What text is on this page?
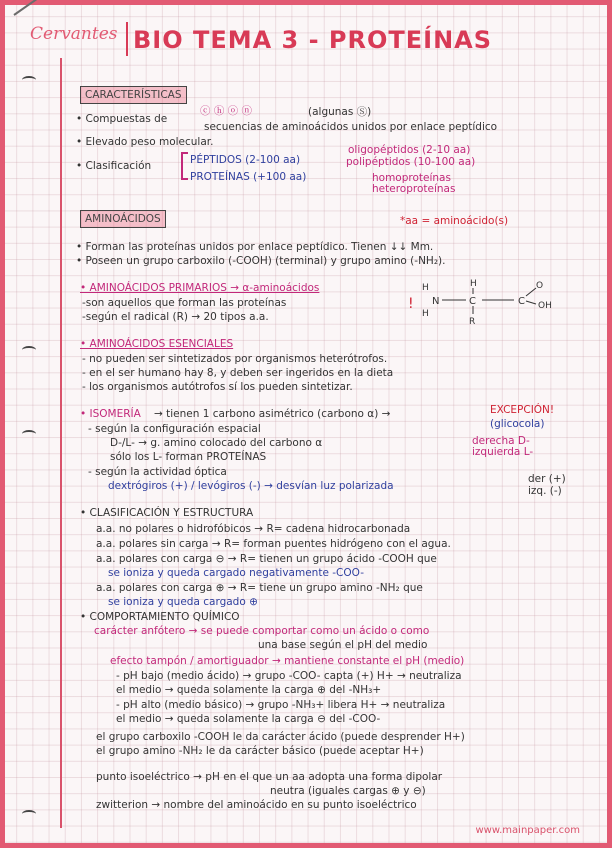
Cervantes BIO TEMA 3 - PROTEÍNAS
CARACTERÍSTICAS
• Compuestas de
ⓒ ⓗ ⓞ ⓝ	(algunas Ⓢ)
secuencias de aminoácidos unidos por enlace peptídico
• Elevado peso molecular.
• Clasificación	PÉPTIDOS (2-100 aa)
oligopéptidos (2-10 aa)
polipéptidos (10-100 aa)
PROTEÍNAS (+100 aa)	homoproteínas
heteroproteínas
AMINOÁCIDOS	*aa = aminoácido(s)
• Forman las proteínas unidos por enlace peptídico. Tienen ↓↓ Mm.
• Poseen un grupo carboxilo (-COOH) (terminal) y grupo amino (-NH₂).
• AMINOÁCIDOS PRIMARIOS → α-aminoácidos
-son aquellos que forman las proteínas
-según el radical (R) → 20 tipos a.a.
!
H
N
H
H
C
R
C
O
OH
• AMINOÁCIDOS ESENCIALES
- no pueden ser sintetizados por organismos heterótrofos.
- en el ser humano hay 8, y deben ser ingeridos en la dieta
- los organismos autótrofos sí los pueden sintetizar.
• ISOMERÍA → tienen 1 carbono asimétrico (carbono α) →	EXCEPCIÓN!
(glicocola)
- según la configuración espacial
D-/L- → g. amino colocado del carbono α	derecha D-
izquierda L-
sólo los L- forman PROTEÍNAS
- según la actividad óptica
dextrógiros (+) / levógiros (-) → desvían luz polarizada
der (+)
izq. (-)
• CLASIFICACIÓN Y ESTRUCTURA
a.a. no polares o hidrofóbicos → R= cadena hidrocarbonada
a.a. polares sin carga → R= forman puentes hidrógeno con el agua.
a.a. polares con carga ⊖ → R= tienen un grupo ácido -COOH que
se ioniza y queda cargado negativamente -COO-
a.a. polares con carga ⊕ → R= tiene un grupo amino -NH₂ que
se ioniza y queda cargado ⊕
• COMPORTAMIENTO QUÍMICO
carácter anfótero → se puede comportar como un ácido o como
una base según el pH del medio
efecto tampón / amortiguador → mantiene constante el pH (medio)
- pH bajo (medio ácido) → grupo -COO- capta (+) H+ → neutraliza
el medio → queda solamente la carga ⊕ del -NH₃+
- pH alto (medio básico) → grupo -NH₃+ libera H+ → neutraliza
el medio → queda solamente la carga ⊖ del -COO-
el grupo carboxilo -COOH le da carácter ácido (puede desprender H+)
el grupo amino -NH₂ le da carácter básico (puede aceptar H+)
punto isoeléctrico → pH en el que un aa adopta una forma dipolar
neutra (iguales cargas ⊕ y ⊖)
zwitterion → nombre del aminoácido en su punto isoeléctrico
www.mainpaper.com
